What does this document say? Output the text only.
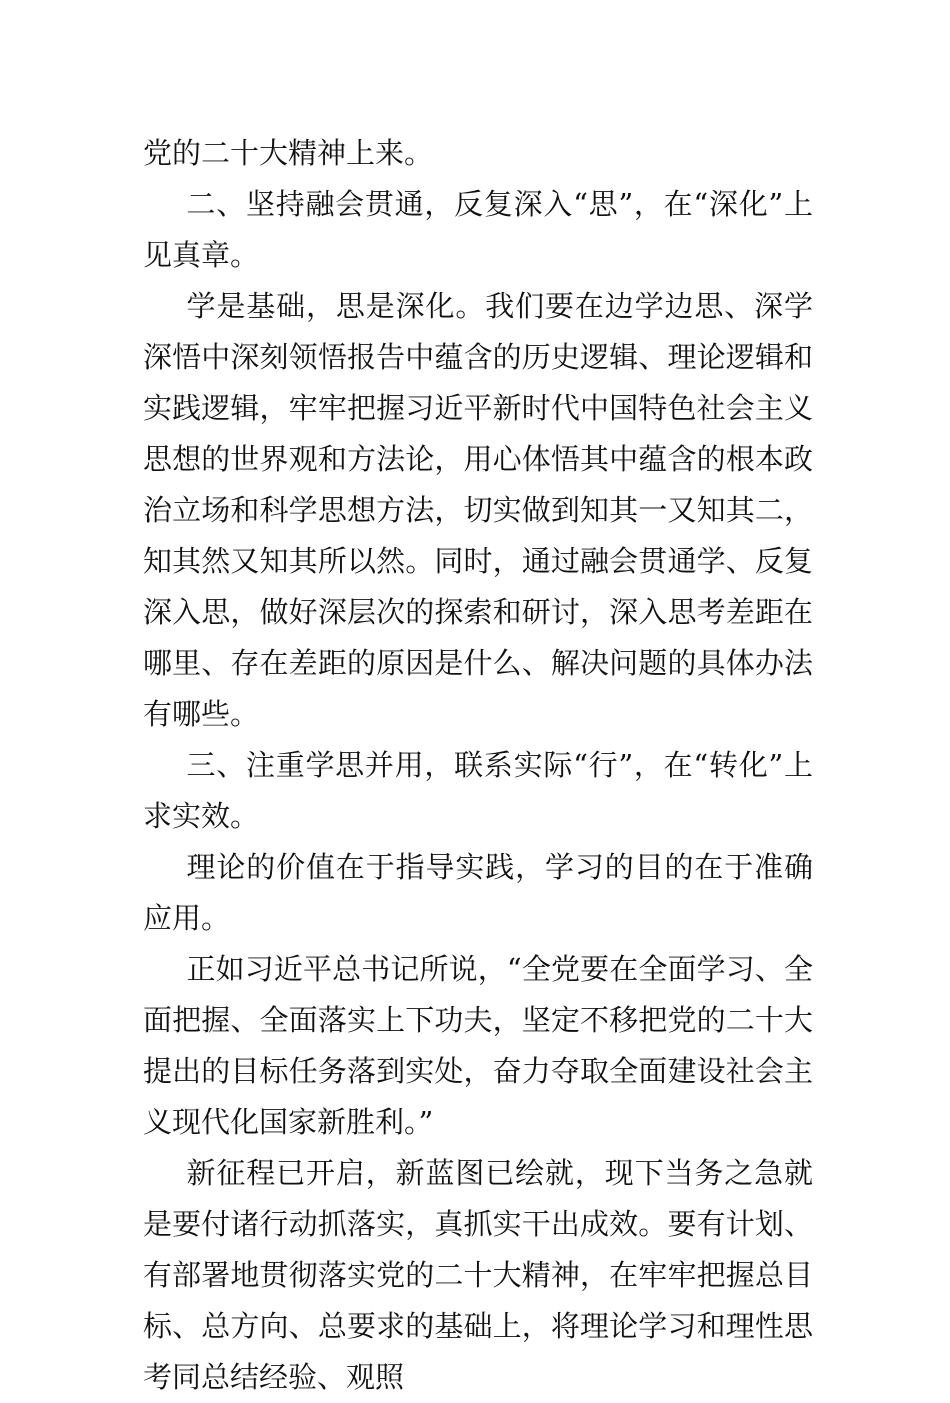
党的二十大精神上来。

二、坚持融会贯通，反复深入“思”，在“深化”上见真章。

学是基础，思是深化。我们要在边学边思、深学深悟中深刻领悟报告中蕴含的历史逻辑、理论逻辑和实践逻辑，牢牢把握习近平新时代中国特色社会主义思想的世界观和方法论，用心体悟其中蕴含的根本政治立场和科学思想方法，切实做到知其一又知其二，知其然又知其所以然。同时，通过融会贯通学、反复深入思，做好深层次的探索和研讨，深入思考差距在哪里、存在差距的原因是什么、解决问题的具体办法有哪些。

三、注重学思并用，联系实际“行”，在“转化”上求实效。

理论的价值在于指导实践，学习的目的在于准确应用。

正如习近平总书记所说，“全党要在全面学习、全面把握、全面落实上下功夫，坚定不移把党的二十大提出的目标任务落到实处，奋力夺取全面建设社会主义现代化国家新胜利。”

新征程已开启，新蓝图已绘就，现下当务之急就是要付诸行动抓落实，真抓实干出成效。要有计划、有部署地贯彻落实党的二十大精神，在牢牢把握总目标、总方向、总要求的基础上，将理论学习和理性思考同总结经验、观照
